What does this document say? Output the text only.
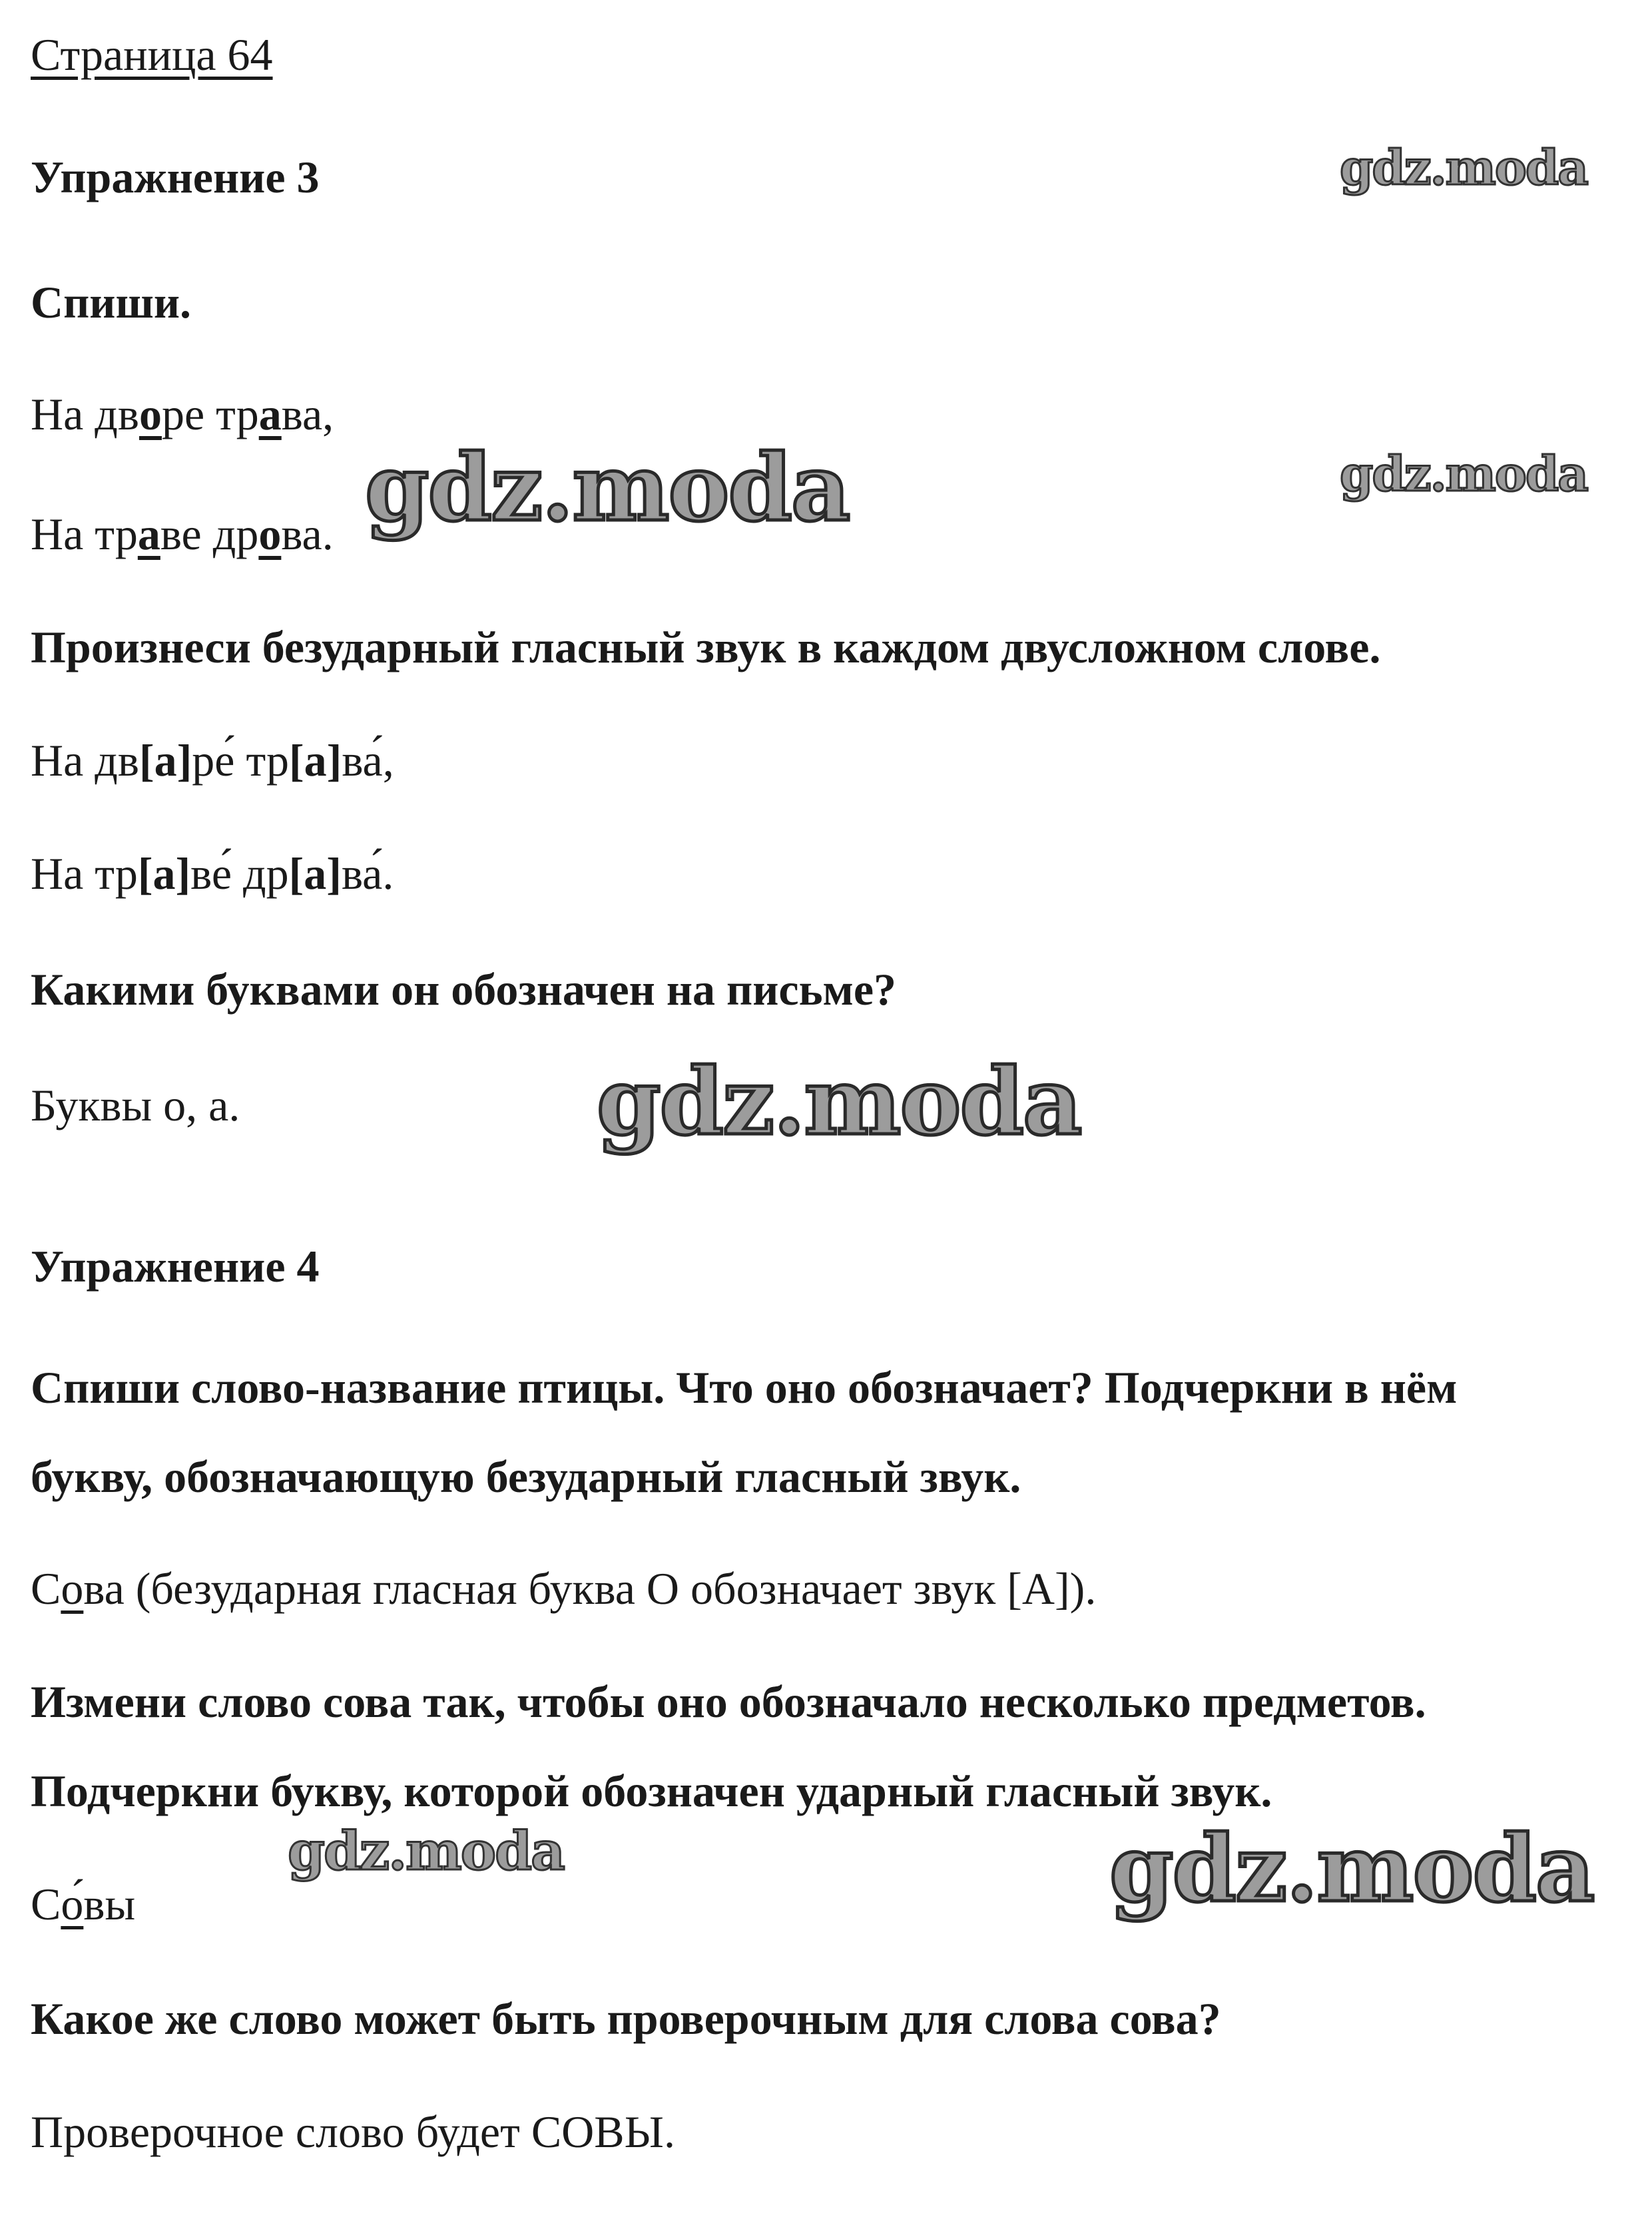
Страница 64
Упражнение 3
Спиши.
На дворе трава,
На траве дрова.
Произнеси безударный гласный звук в каждом двусложном слове.
На дв[а]ре́ тр[а]ва́,
На тр[а]ве́ др[а]ва́.
Какими буквами он обозначен на письме?
Буквы о, а.
Упражнение 4
Спиши слово-название птицы. Что оно обозначает? Подчеркни в нём
букву, обозначающую безударный гласный звук.
Сова (безударная гласная буква О обозначает звук [А]).
Измени слово сова так, чтобы оно обозначало несколько предметов.
Подчеркни букву, которой обозначен ударный гласный звук.
Со́вы
Какое же слово может быть проверочным для слова сова?
Проверочное слово будет СОВЫ.
gdz.moda
gdz.moda
gdz.moda
gdz.moda
gdz.moda	gdz.moda
